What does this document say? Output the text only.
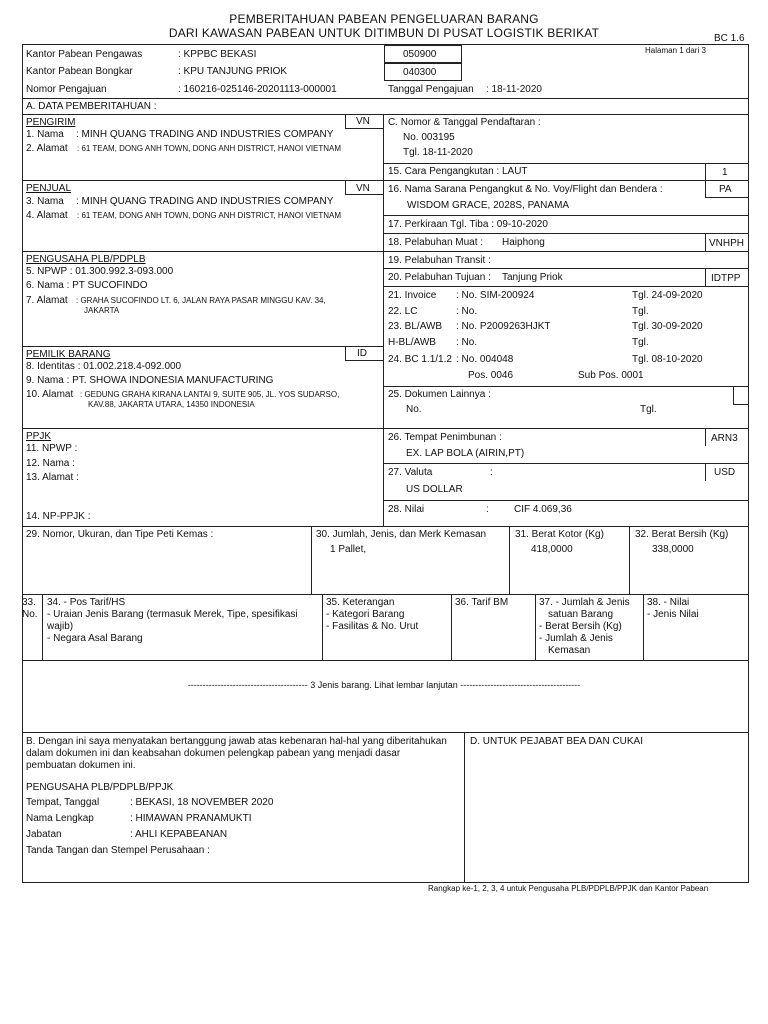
PEMBERITAHUAN PABEAN PENGELUARAN BARANG
DARI KAWASAN PABEAN UNTUK DITIMBUN DI PUSAT LOGISTIK BERIKAT	BC 1.6
Kantor Pabean Pengawas	: KPPBC BEKASI	050900	Halaman 1 dari 3
Kantor Pabean Bongkar	: KPU TANJUNG PRIOK	040300
Nomor Pengajuan	: 160216-025146-20201113-000001	Tanggal Pengajuan : 18-11-2020
A. DATA PEMBERITAHUAN :
PENGIRIM	VN
1. Nama : MINH QUANG TRADING AND INDUSTRIES COMPANY
2. Alamat : 61 TEAM, DONG ANH TOWN, DONG ANH DISTRICT, HANOI VIETNAM
PENJUAL	VN
3. Nama : MINH QUANG TRADING AND INDUSTRIES COMPANY
4. Alamat : 61 TEAM, DONG ANH TOWN, DONG ANH DISTRICT, HANOI VIETNAM
PENGUSAHA PLB/PDPLB
5. NPWP : 01.300.992.3-093.000
6. Nama : PT SUCOFINDO
7. Alamat : GRAHA SUCOFINDO LT. 6, JALAN RAYA PASAR MINGGU KAV. 34,
JAKARTA
PEMILIK BARANG	ID
8. Identitas : 01.002.218.4-092.000
9. Nama : PT. SHOWA INDONESIA MANUFACTURING
10. Alamat : GEDUNG GRAHA KIRANA LANTAI 9, SUITE 905, JL. YOS SUDARSO,
KAV.88, JAKARTA UTARA, 14350 INDONESIA
PPJK
11. NPWP :
12. Nama :
13. Alamat :
14. NP-PPJK :
C. Nomor & Tanggal Pendaftaran :
No. 003195
Tgl. 18-11-2020
15. Cara Pengangkutan : LAUT	1
16. Nama Sarana Pengangkut & No. Voy/Flight dan Bendera :	PA
WISDOM GRACE, 2028S, PANAMA
17. Perkiraan Tgl. Tiba : 09-10-2020
18. Pelabuhan Muat : Haiphong	VNHPH
19. Pelabuhan Transit :
20. Pelabuhan Tujuan : Tanjung Priok	IDTPP
21. Invoice : No. SIM-200924	Tgl. 24-09-2020
22. LC	: No.	Tgl.
23. BL/AWB : No. P2009263HJKT	Tgl. 30-09-2020
H-BL/AWB : No.	Tgl.
24. BC 1.1/1.2 : No. 004048	Tgl. 08-10-2020
Pos. 0046	Sub Pos. 0001
25. Dokumen Lainnya :
No.	Tgl.
26. Tempat Penimbunan :	ARN3
EX. LAP BOLA (AIRIN,PT)
27. Valuta	:	USD
US DOLLAR
28. Nilai	:	CIF 4.069,36
29. Nomor, Ukuran, dan Tipe Peti Kemas :	30. Jumlah, Jenis, dan Merk Kemasan
1 Pallet,
31. Berat Kotor (Kg)
418,0000
32. Berat Bersih (Kg)
338,0000
33.
No.
34. - Pos Tarif/HS
- Uraian Jenis Barang (termasuk Merek, Tipe, spesifikasi
wajib)
- Negara Asal Barang
35. Keterangan
- Kategori Barang
- Fasilitas & No. Urut
36. Tarif BM	37. - Jumlah & Jenis
satuan Barang
- Berat Bersih (Kg)
- Jumlah & Jenis
Kemasan
38. - Nilai
- Jenis Nilai
---------------------------------------- 3 Jenis barang. Lihat lembar lanjutan ----------------------------------------
B. Dengan ini saya menyatakan bertanggung jawab atas kebenaran hal-hal yang diberitahukan
dalam dokumen ini dan keabsahan dokumen pelengkap pabean yang menjadi dasar
pembuatan dokumen ini.
PENGUSAHA PLB/PDPLB/PPJK
Tempat, Tanggal	: BEKASI, 18 NOVEMBER 2020
Nama Lengkap	: HIMAWAN PRANAMUKTI
Jabatan	: AHLI KEPABEANAN
Tanda Tangan dan Stempel Perusahaan :
D. UNTUK PEJABAT BEA DAN CUKAI
Rangkap ke-1, 2, 3, 4 untuk Pengusaha PLB/PDPLB/PPJK dan Kantor Pabean
